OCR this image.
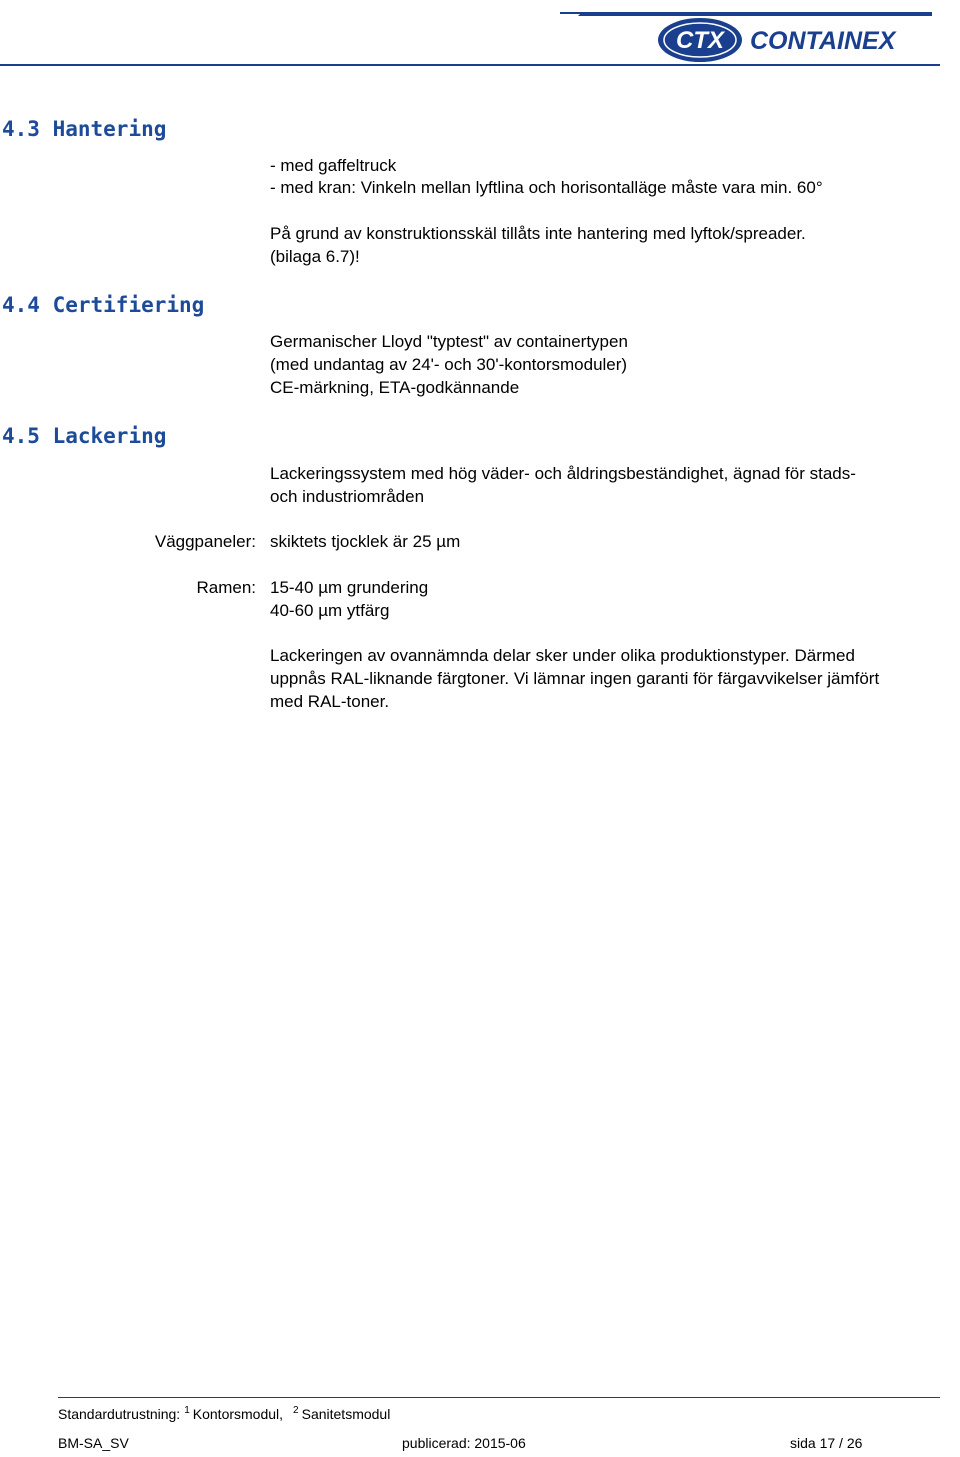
CTX CONTAINEX
4.3 Hantering
- med gaffeltruck
- med kran: Vinkeln mellan lyftlina och horisontalläge måste vara min. 60°
På grund av konstruktionsskäl tillåts inte hantering med lyftok/spreader.
(bilaga 6.7)!
4.4 Certifiering
Germanischer Lloyd "typtest" av containertypen
(med undantag av 24'- och 30'-kontorsmoduler)
CE-märkning, ETA-godkännande
4.5 Lackering
Lackeringssystem med hög väder- och åldringsbeständighet, ägnad för stads-
och industriområden
Väggpaneler: skiktets tjocklek är 25 µm
Ramen: 15-40 µm grundering
40-60 µm ytfärg
Lackeringen av ovannämnda delar sker under olika produktionstyper. Därmed
uppnås RAL-liknande färgtoner. Vi lämnar ingen garanti för färgavvikelser jämfört
med RAL-toner.
Standardutrustning: $^1$ Kontorsmodul, $^2$ Sanitetsmodul
BM-SA_SV	publicerad: 2015-06	sida 17 / 26
